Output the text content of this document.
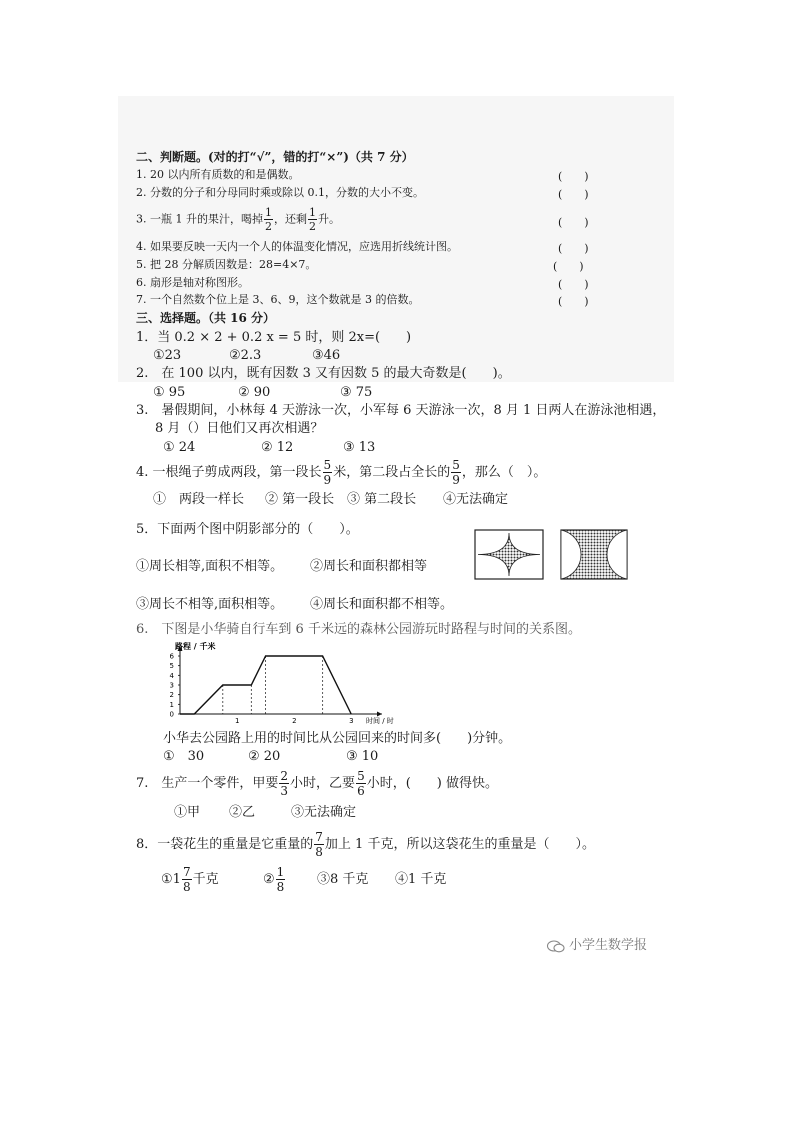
二、判断题。(对的打“√”，错的打“×”)（共 7 分）
1. 20 以内所有质数的和是偶数。	(　　)
2. 分数的分子和分母同时乘或除以 0.1，分数的大小不变。	(　　)
3. 一瓶 1 升的果汁，喝掉 $\frac{1}{2}$ ，还剩 $\frac{1}{2}$ 升。	(　　)
4. 如果要反映一天内一个人的体温变化情况，应选用折线统计图。	(　　)
5. 把 28 分解质因数是：28=4×7。	(　　)
6. 扇形是轴对称图形。	(　　)
7. 一个自然数个位上是 3、6、9，这个数就是 3 的倍数。	(　　)
三、选择题。（共 16 分）
1．当 0.2 × 2 + 0.2 x = 5 时，则 2x=(　　)
①23	②2.3	③46
2.　在 100 以内，既有因数 3 又有因数 5 的最大奇数是(　　)。
① 95	② 90	③ 75
3.　暑假期间，小林每 4 天游泳一次，小军每 6 天游泳一次，8 月 1 日两人在游泳池相遇，
8 月（）日他们又再次相遇？
① 24	② 12	③ 13
4. 一根绳子剪成两段，第一段长 $\frac{5}{9}$ 米，第二段占全长的 $\frac{5}{9}$ ，那么（　）。
①　两段一样长 ② 第一段长 ③ 第二段长 ④无法确定
5．下面两个图中阴影部分的（　　）。
①周长相等,面积不相等。 ②周长和面积都相等
③周长不相等,面积相等。 ④周长和面积都不相等。
6.　下图是小华骑自行车到 6 千米远的森林公园游玩时路程与时间的关系图。
0
1
2
3
4
5
6
1	2	3
路程 / 千米
时间 / 时
小华去公园路上用的时间比从公园回来的时间多(　　)分钟。
①　30	② 20	③ 10
7.　生产一个零件，甲要 $\frac{2}{3}$ 小时，乙要 $\frac{5}{6}$ 小时，(　　) 做得快。
①甲 ②乙	③无法确定
8．一袋花生的重量是它重量的 $\frac{7}{8}$ 加上 1 千克，所以这袋花生的重量是（　　）。
①1 $\frac{7}{8}$ 千克	② $\frac{1}{8}$ ③8 千克 ④1 千克
小学生数学报
